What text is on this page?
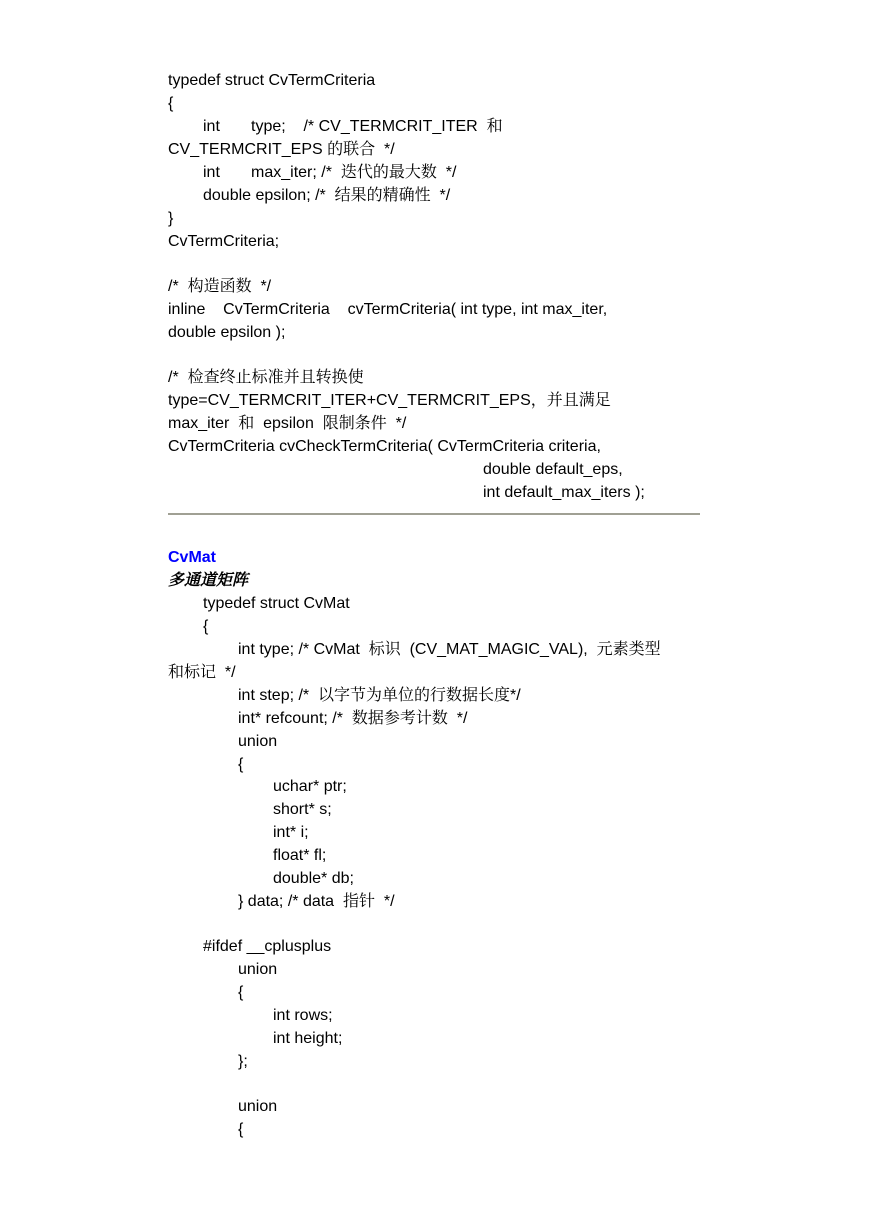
typedef struct CvTermCriteria
{
int       type;    /* CV_TERMCRIT_ITER  和
CV_TERMCRIT_EPS 的联合  */
int       max_iter; /*  迭代的最大数  */
double epsilon; /*  结果的精确性  */
}
CvTermCriteria;
/*  构造函数  */
inline    CvTermCriteria    cvTermCriteria( int type, int max_iter,
double epsilon );
/*  检查终止标准并且转换使
type=CV_TERMCRIT_ITER+CV_TERMCRIT_EPS，并且满足
max_iter  和  epsilon  限制条件  */
CvTermCriteria cvCheckTermCriteria( CvTermCriteria criteria,
double default_eps,
int default_max_iters );
CvMat
多通道矩阵
typedef struct CvMat
{
int type; /* CvMat  标识  (CV_MAT_MAGIC_VAL),  元素类型
和标记  */
int step; /*  以字节为单位的行数据长度*/
int* refcount; /*  数据参考计数  */
union
{
uchar* ptr;
short* s;
int* i;
float* fl;
double* db;
} data; /* data  指针  */
#ifdef __cplusplus
union
{
int rows;
int height;
};
union
{
